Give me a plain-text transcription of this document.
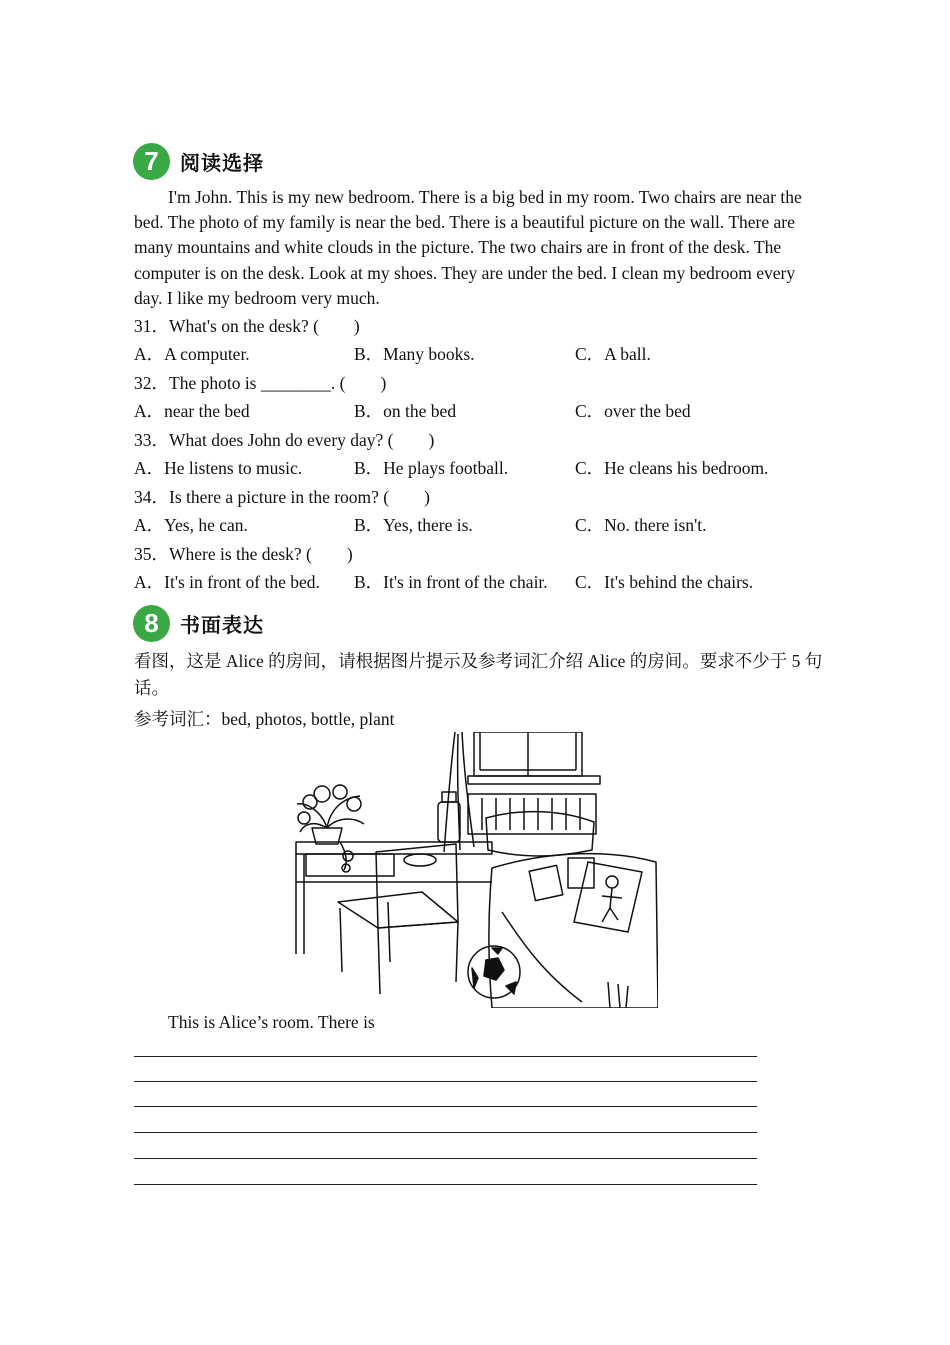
7	阅读选择

I'm John. This is my new bedroom. There is a big bed in my room. Two chairs are near the bed. The photo of my family is near the bed. There is a beautiful picture on the wall. There are many mountains and white clouds in the picture. The two chairs are in front of the desk. The computer is on the desk. Look at my shoes. They are under the bed. I clean my bedroom every day. I like my bedroom very much.

31．What's on the desk? (　　)
A．A computer.	B．Many books.	C．A ball.
32．The photo is ________. (　　)
A．near the bed	B．on the bed	C．over the bed
33．What does John do every day? (　　)
A．He listens to music.	B．He plays football.	C．He cleans his bedroom.
34．Is there a picture in the room? (　　)
A．Yes, he can.	B．Yes, there is.	C．No. there isn't.
35．Where is the desk? (　　)
A．It's in front of the bed. B．It's in front of the chair. C．It's behind the chairs.
8	书面表达

看图，这是 Alice 的房间，请根据图片提示及参考词汇介绍 Alice 的房间。要求不少于 5 句话。

参考词汇：bed, photos, bottle, plant
This is Alice’s room. There is
